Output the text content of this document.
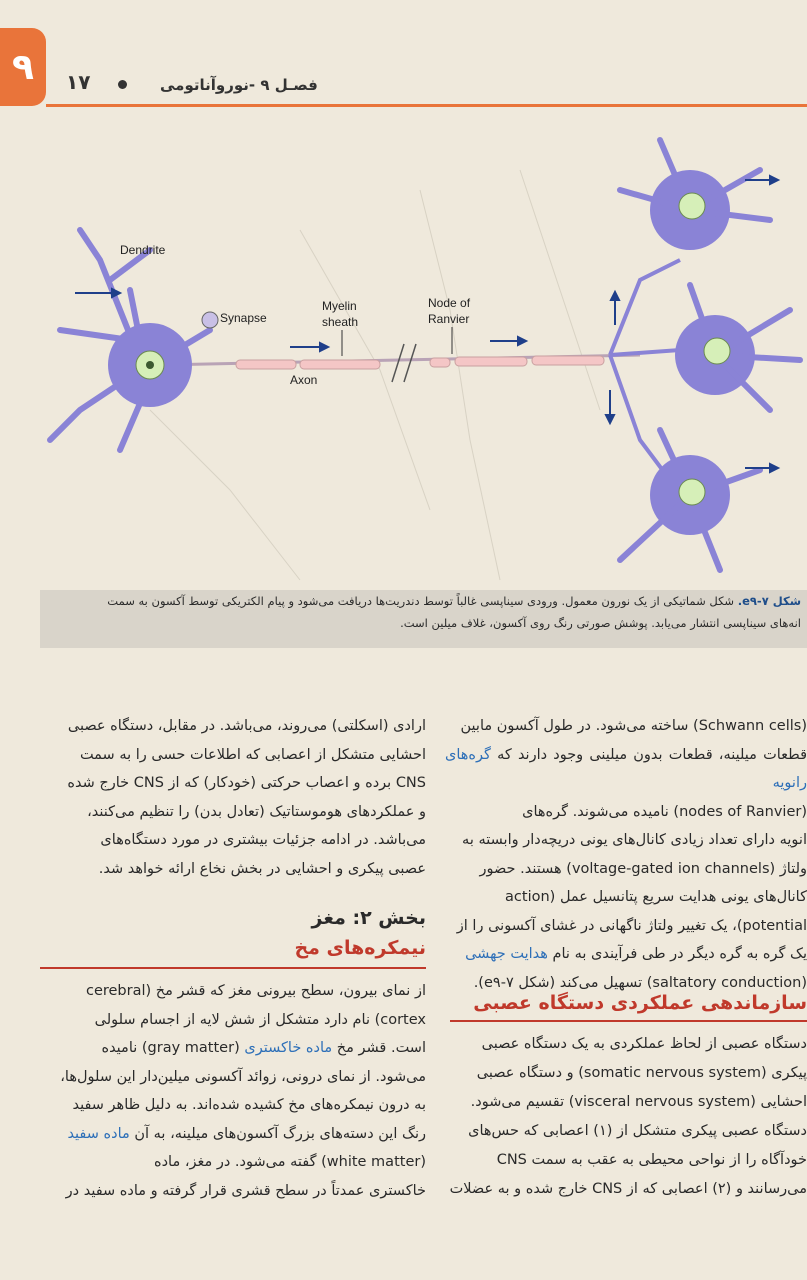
۹ ۱۷	فصـل ۹ -نوروآناتومی
Dendrite
Synapse
Myelin
sheath
Node of
Ranvier
Axon
شکل ۷-e۹. شکل شماتیکی از یک نورون معمول. ورودی سیناپسی غالباً توسط دندریت‌ها دریافت می‌شود و پیام الکتریکی توسط آکسون به سمت
انه‌های سیناپسی انتشار می‌یابد. پوشش صورتی رنگ روی آکسون، غلاف میلین است.

(Schwann cells) ساخته می‌شود. در طول آکسون مابین

قطعات میلینه، قطعات بدون میلینی وجود دارند که گره‌های رانویه

(nodes of Ranvier) نامیده می‌شوند. گره‌های

انویه دارای تعداد زیادی کانال‌های یونی دریچه‌دار وابسته به

ولتاژ (voltage-gated ion channels) هستند. حضور

کانال‌های یونی هدایت سریع پتانسیل عمل (action

potential)، یک تغییر ولتاژ ناگهانی در غشای آکسونی را از

یک گره به گره دیگر در طی فرآیندی به نام هدایت جهشی

(saltatory conduction) تسهیل می‌کند (شکل ۷-e۹).

سازماندهی عملکردی دستگاه عصبی

دستگاه عصبی از لحاظ عملکردی به یک دستگاه عصبی

پیکری (somatic nervous system) و دستگاه عصبی

احشایی (visceral nervous system) تقسیم می‌شود.

دستگاه عصبی پیکری متشکل از (۱) اعصابی که حس‌های

خودآگاه را از نواحی محیطی به عقب به سمت CNS

می‌رسانند و (۲) اعصابی که از CNS خارج شده و به عضلات

ارادی (اسکلتی) می‌روند، می‌باشد. در مقابل، دستگاه عصبی

احشایی متشکل از اعصابی که اطلاعات حسی را به سمت

CNS برده و اعصاب حرکتی (خودکار) که از CNS خارج شده

و عملکردهای هوموستاتیک (تعادل بدن) را تنظیم می‌کنند،

می‌باشد. در ادامه جزئیات بیشتری در مورد دستگاه‌های

عصبی پیکری و احشایی در بخش نخاع ارائه خواهد شد.

بخش ۲: مغز
نیمکره‌های مخ

از نمای بیرون، سطح بیرونی مغز که قشر مخ (cerebral

cortex) نام دارد متشکل از شش لایه از اجسام سلولی

است. قشر مخ ماده خاکستری (gray matter) نامیده

می‌شود. از نمای درونی، زوائد آکسونی میلین‌دار این سلول‌ها،

به درون نیمکره‌های مخ کشیده شده‌اند. به دلیل ظاهر سفید

رنگ این دسته‌های بزرگ آکسون‌های میلینه، به آن ماده سفید

(white matter) گفته می‌شود. در مغز، ماده

خاکستری عمدتاً در سطح قشری قرار گرفته و ماده سفید در
